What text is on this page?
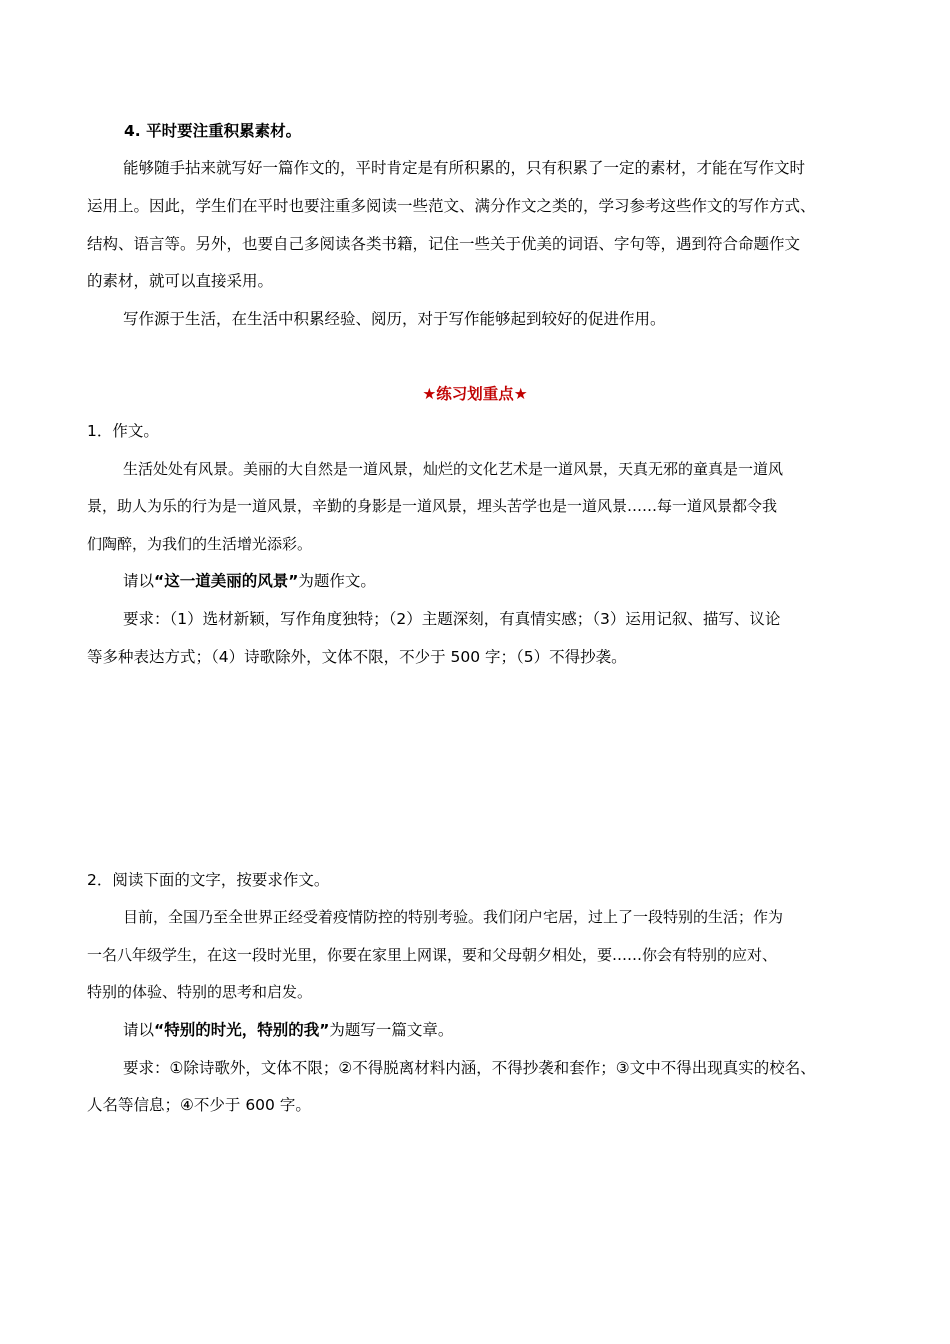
4. 平时要注重积累素材。
能够随手拈来就写好一篇作文的，平时肯定是有所积累的，只有积累了一定的素材，才能在写作文时
运用上。因此，学生们在平时也要注重多阅读一些范文、满分作文之类的，学习参考这些作文的写作方式、
结构、语言等。另外，也要自己多阅读各类书籍，记住一些关于优美的词语、字句等，遇到符合命题作文
的素材，就可以直接采用。
写作源于生活，在生活中积累经验、阅历，对于写作能够起到较好的促进作用。
★练习划重点★
1．作文。
生活处处有风景。美丽的大自然是一道风景，灿烂的文化艺术是一道风景，天真无邪的童真是一道风
景，助人为乐的行为是一道风景，辛勤的身影是一道风景，埋头苦学也是一道风景……每一道风景都令我
们陶醉，为我们的生活增光添彩。
请以“这一道美丽的风景”为题作文。
要求：（1）选材新颖，写作角度独特；（2）主题深刻，有真情实感；（3）运用记叙、描写、议论
等多种表达方式；（4）诗歌除外，文体不限，不少于 500 字；（5）不得抄袭。
2．阅读下面的文字，按要求作文。
目前，全国乃至全世界正经受着疫情防控的特别考验。我们闭户宅居，过上了一段特别的生活；作为
一名八年级学生，在这一段时光里，你要在家里上网课，要和父母朝夕相处，要……你会有特别的应对、
特别的体验、特别的思考和启发。
请以“特别的时光，特别的我”为题写一篇文章。
要求：①除诗歌外，文体不限；②不得脱离材料内涵，不得抄袭和套作；③文中不得出现真实的校名、
人名等信息；④不少于 600 字。
